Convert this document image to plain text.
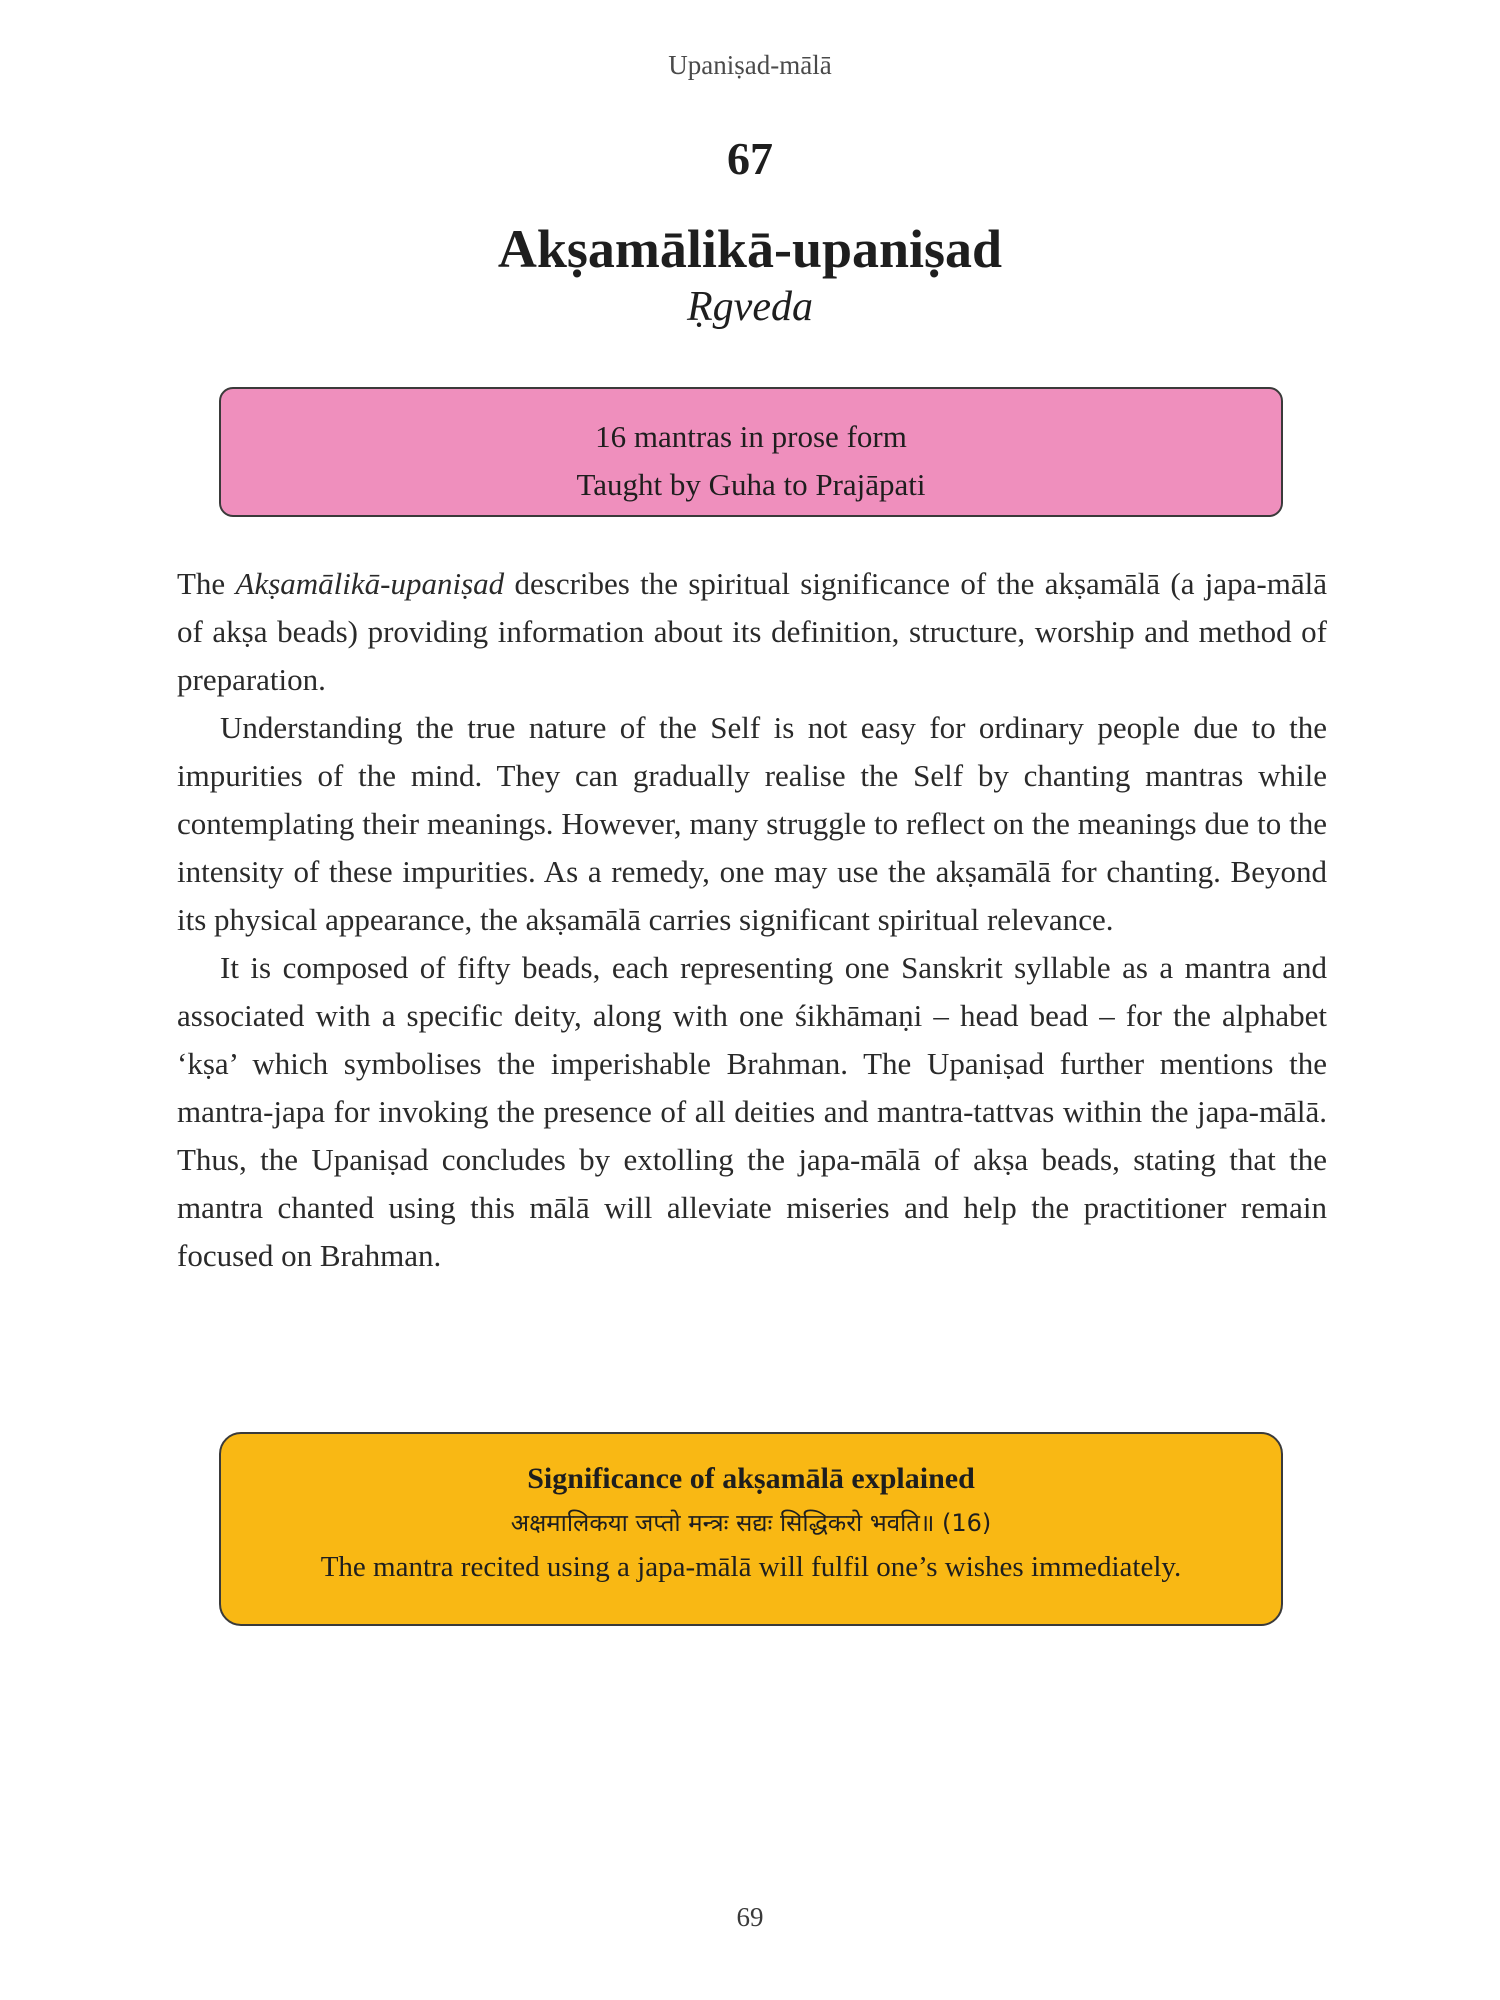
Upaniṣad-mālā
67
Akṣamālikā-upaniṣad
Ṛgveda
16 mantras in prose form
Taught by Guha to Prajāpati

The Akṣamālikā-upaniṣad describes the spiritual significance of the akṣamālā (a japa-mālā of akṣa beads) providing information about its definition, structure, worship and method of preparation.

Understanding the true nature of the Self is not easy for ordinary people due to the impurities of the mind. They can gradually realise the Self by chanting mantras while contemplating their meanings. However, many struggle to reflect on the meanings due to the intensity of these impurities. As a remedy, one may use the akṣamālā for chanting. Beyond its physical appearance, the akṣamālā carries significant spiritual relevance.

It is composed of fifty beads, each representing one Sanskrit syllable as a mantra and associated with a specific deity, along with one śikhāmaṇi – head bead – for the alphabet ‘kṣa’ which symbolises the imperishable Brahman. The Upaniṣad further mentions the mantra-japa for invoking the presence of all deities and mantra-tattvas within the japa-mālā. Thus, the Upaniṣad concludes by extolling the japa-mālā of akṣa beads, stating that the mantra chanted using this mālā will alleviate miseries and help the practitioner remain focused on Brahman.

Significance of akṣamālā explained
अक्षमालिकया जप्तो मन्त्रः सद्यः सिद्धिकरो भवति॥ (16)
The mantra recited using a japa-mālā will fulfil one’s wishes immediately.
69
